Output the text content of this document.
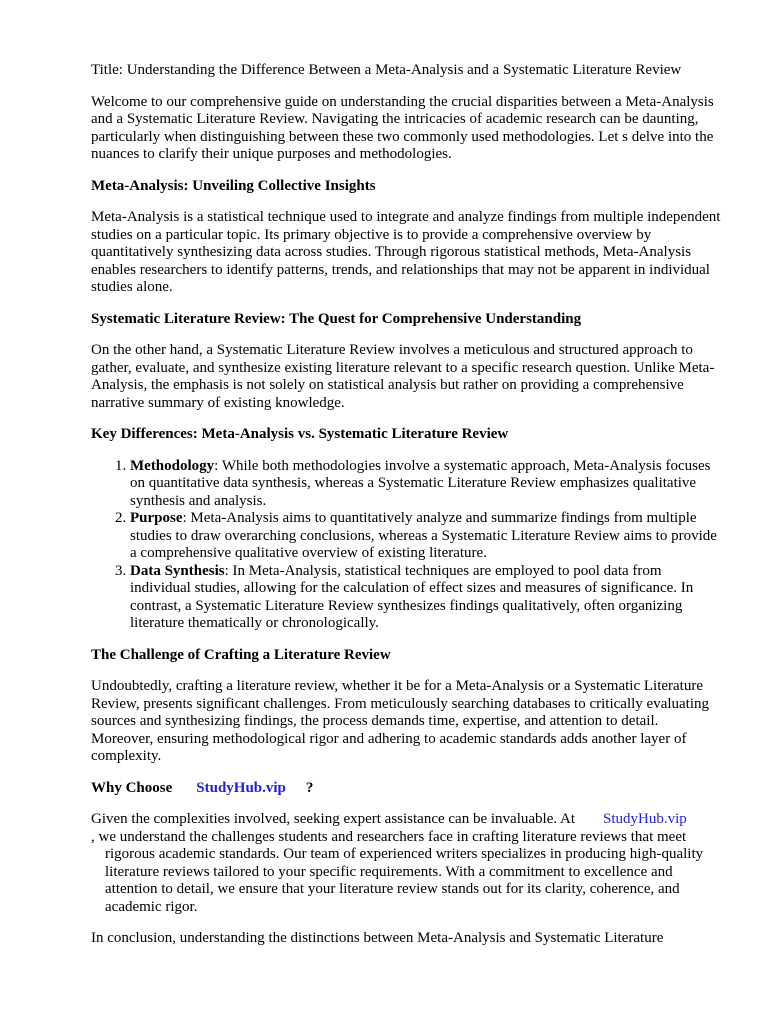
Title: Understanding the Difference Between a Meta-Analysis and a Systematic Literature Review

Welcome to our comprehensive guide on understanding the crucial disparities between a Meta-Analysis and a Systematic Literature Review. Navigating the intricacies of academic research can be daunting, particularly when distinguishing between these two commonly used methodologies. Let s delve into the nuances to clarify their unique purposes and methodologies.

Meta-Analysis: Unveiling Collective Insights

Meta-Analysis is a statistical technique used to integrate and analyze findings from multiple independent studies on a particular topic. Its primary objective is to provide a comprehensive overview by quantitatively synthesizing data across studies. Through rigorous statistical methods, Meta-Analysis enables researchers to identify patterns, trends, and relationships that may not be apparent in individual studies alone.

Systematic Literature Review: The Quest for Comprehensive Understanding

On the other hand, a Systematic Literature Review involves a meticulous and structured approach to gather, evaluate, and synthesize existing literature relevant to a specific research question. Unlike Meta-Analysis, the emphasis is not solely on statistical analysis but rather on providing a comprehensive narrative summary of existing knowledge.

Key Differences: Meta-Analysis vs. Systematic Literature Review
1. Methodology: While both methodologies involve a systematic approach, Meta-Analysis focuses on quantitative data synthesis, whereas a Systematic Literature Review emphasizes qualitative synthesis and analysis.
2. Purpose: Meta-Analysis aims to quantitatively analyze and summarize findings from multiple studies to draw overarching conclusions, whereas a Systematic Literature Review aims to provide a comprehensive qualitative overview of existing literature.
3. Data Synthesis: In Meta-Analysis, statistical techniques are employed to pool data from individual studies, allowing for the calculation of effect sizes and measures of significance. In contrast, a Systematic Literature Review synthesizes findings qualitatively, often organizing literature thematically or chronologically.
The Challenge of Crafting a Literature Review

Undoubtedly, crafting a literature review, whether it be for a Meta-Analysis or a Systematic Literature Review, presents significant challenges. From meticulously searching databases to critically evaluating sources and synthesizing findings, the process demands time, expertise, and attention to detail. Moreover, ensuring methodological rigor and adhering to academic standards adds another layer of complexity.

Why Choose StudyHub.vip ?

Given the complexities involved, seeking expert assistance can be invaluable. At StudyHub.vip
, we understand the challenges students and researchers face in crafting literature reviews that meet rigorous academic standards. Our team of experienced writers specializes in producing high-quality literature reviews tailored to your specific requirements. With a commitment to excellence and attention to detail, we ensure that your literature review stands out for its clarity, coherence, and academic rigor.

In conclusion, understanding the distinctions between Meta-Analysis and Systematic Literature
